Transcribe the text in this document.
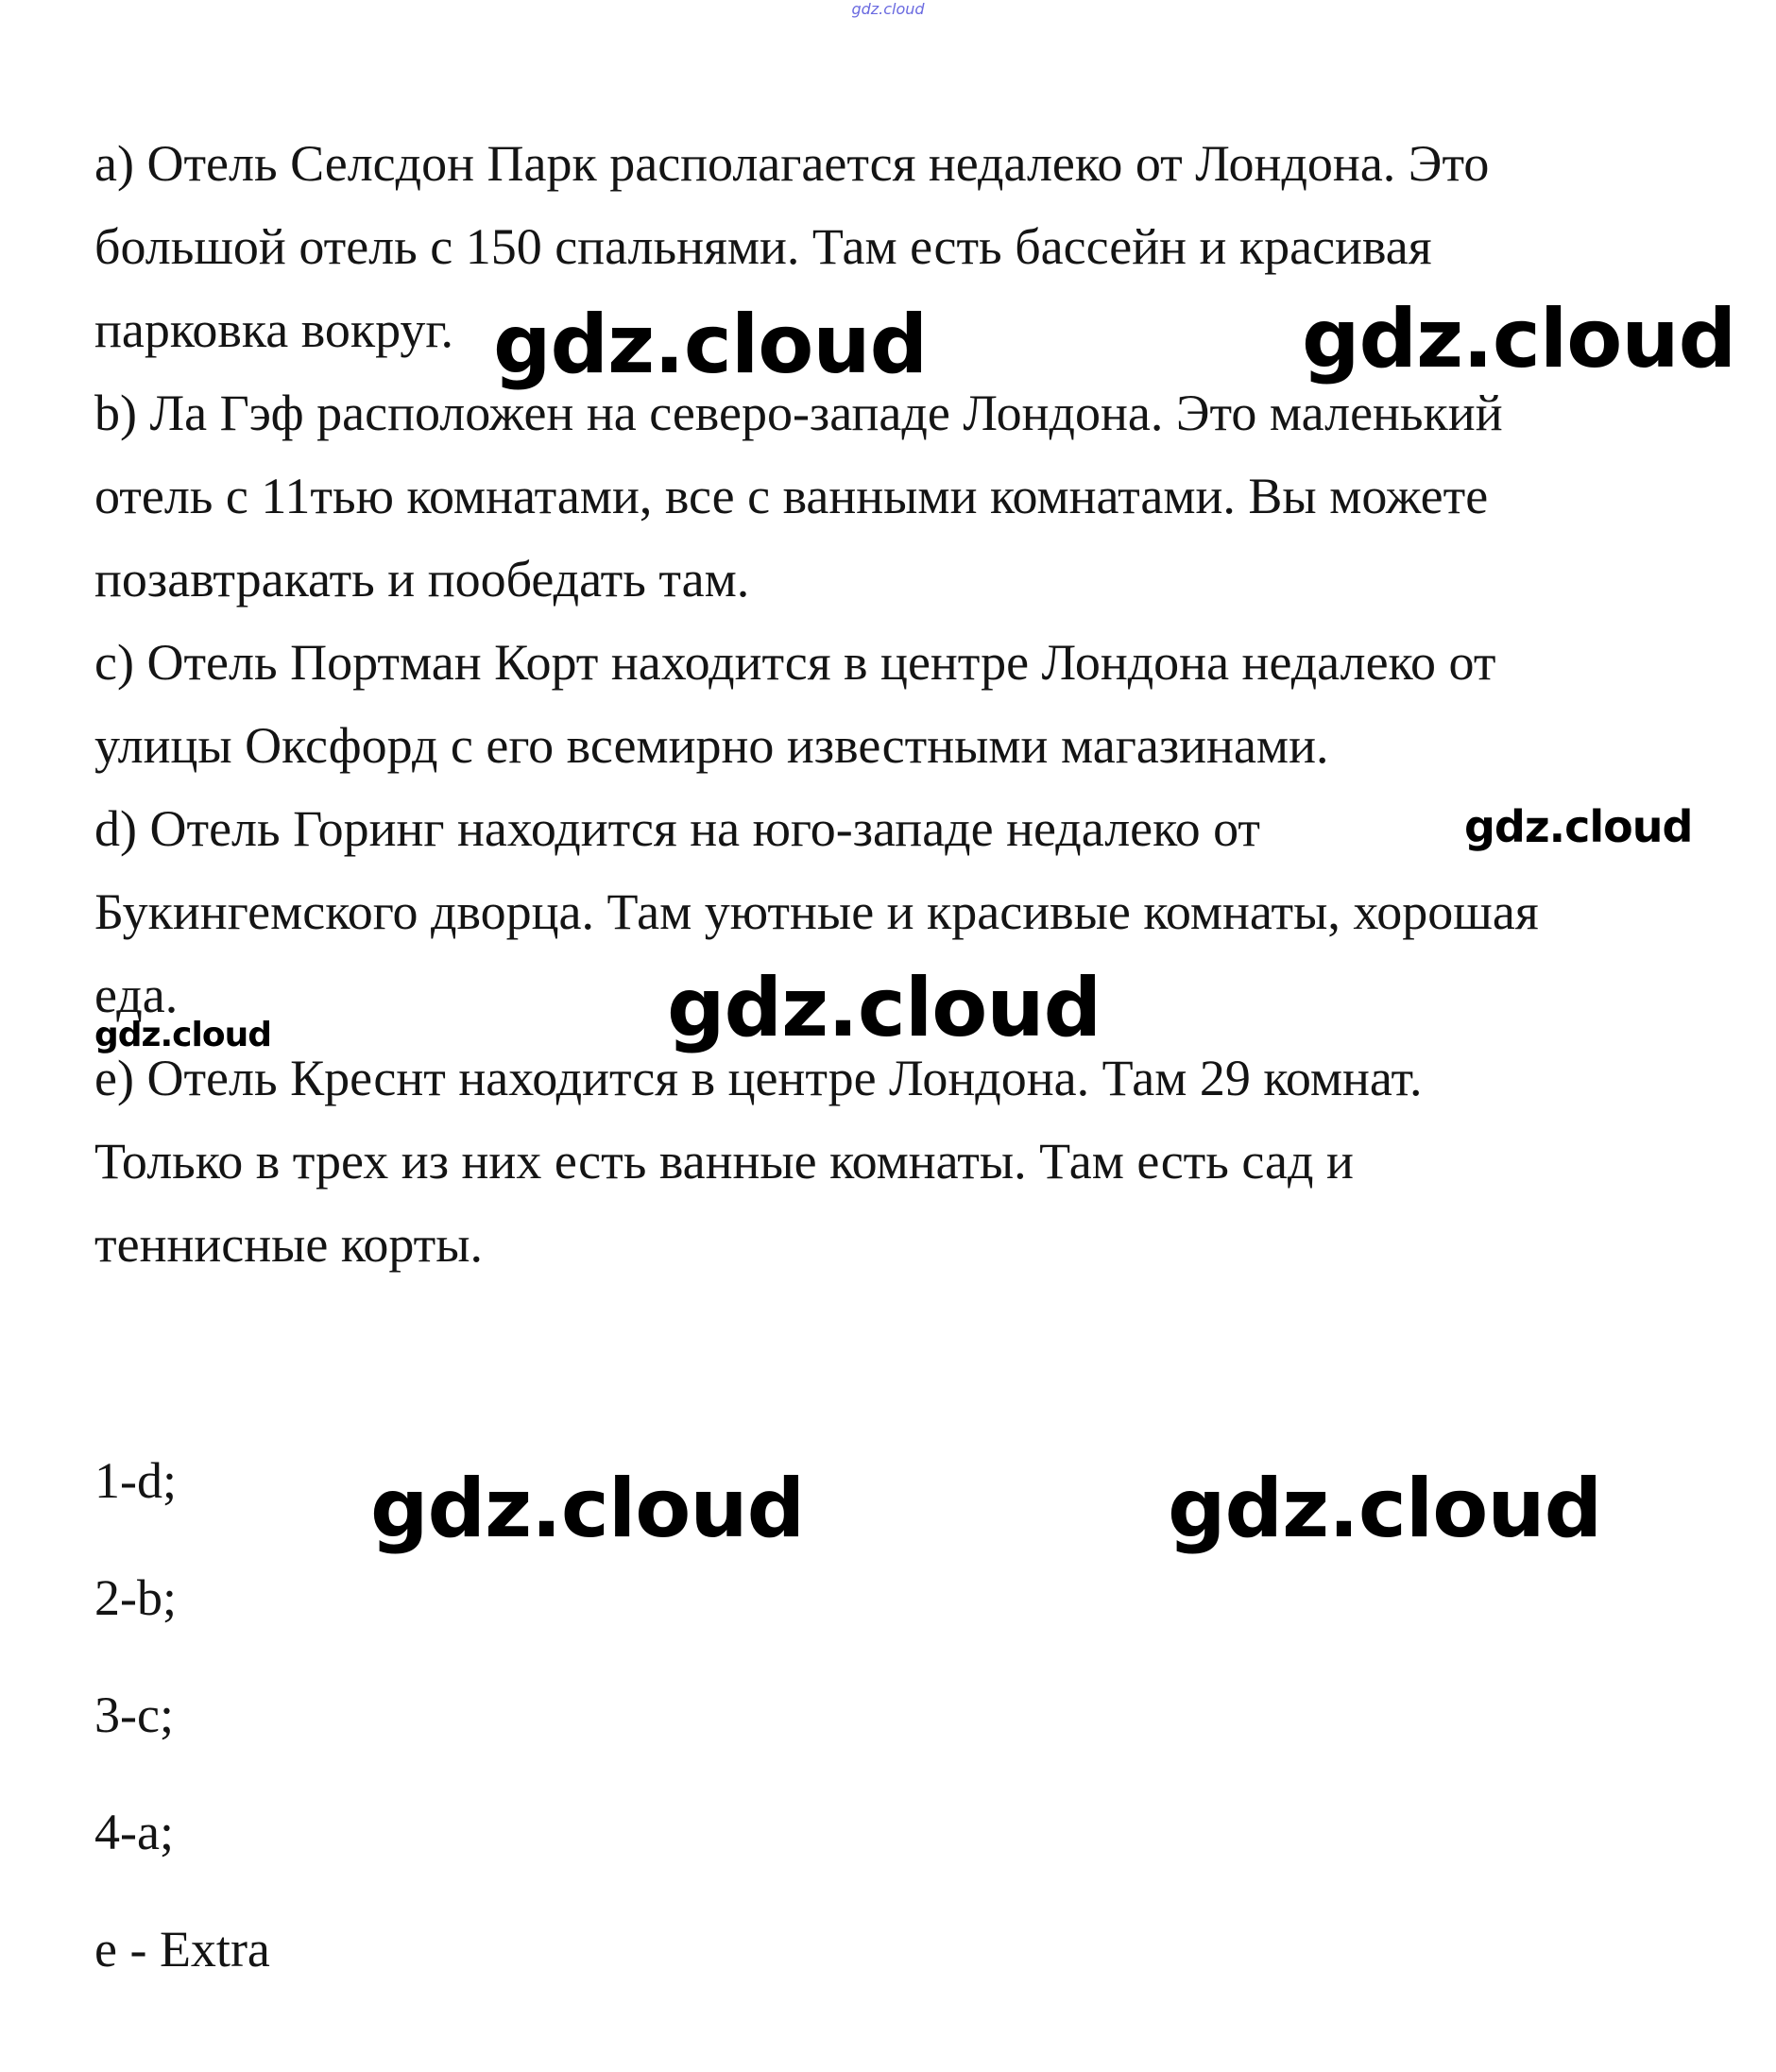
gdz.cloud
a) Отель Селсдон Парк располагается недалеко от Лондона. Это
большой отель с 150 спальнями. Там есть бассейн и красивая
парковка вокруг.
b) Ла Гэф расположен на северо-западе Лондона. Это маленький
отель с 11тью комнатами, все с ванными комнатами. Вы можете
позавтракать и пообедать там.
c) Отель Портман Корт находится в центре Лондона недалеко от
улицы Оксфорд с его всемирно известными магазинами.
d) Отель Горинг находится на юго-западе недалеко от
Букингемского дворца. Там уютные и красивые комнаты, хорошая
еда.
e) Отель Креснт находится в центре Лондона. Там 29 комнат.
Только в трех из них есть ванные комнаты. Там есть сад и
теннисные корты.
1-d;
2-b;
3-c;
4-a;
e - Extra
gdz.cloud	gdz.cloud
gdz.cloud
gdz.cloud
gdz.cloud
gdz.cloud	gdz.cloud
